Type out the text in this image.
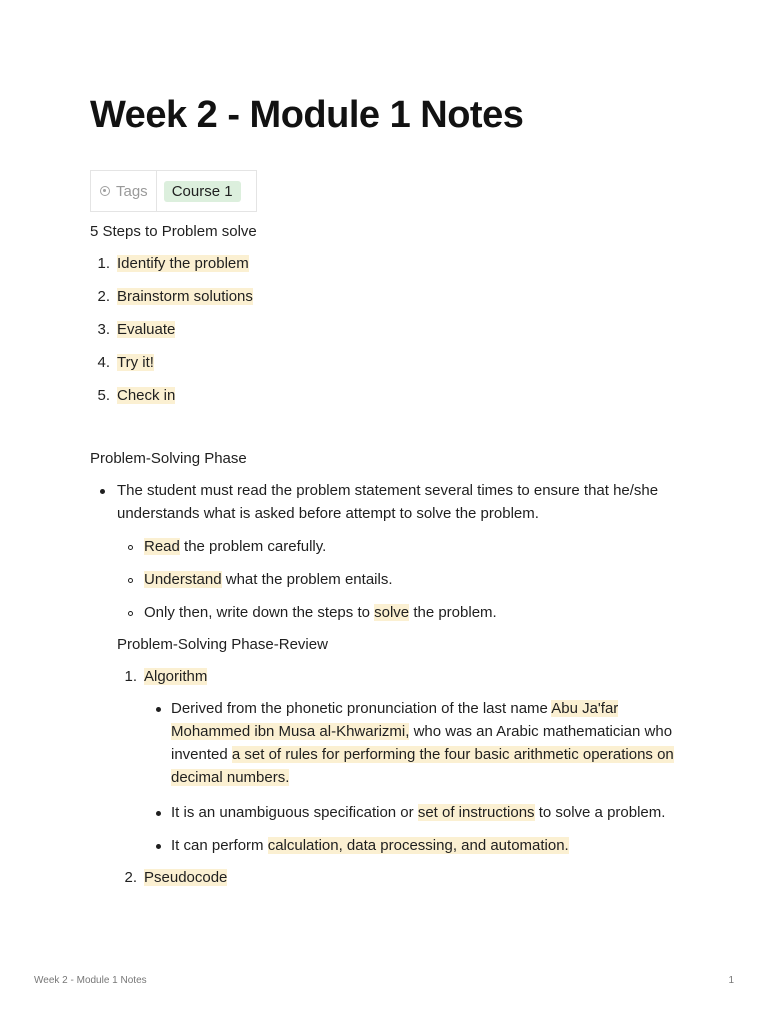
Week 2 - Module 1 Notes
Tags	Course 1
5 Steps to Problem solve
1. Identify the problem
2. Brainstorm solutions
3. Evaluate
4. Try it!
5. Check in
Problem-Solving Phase
The student must read the problem statement several times to ensure that he/she understands what is asked before attempt to solve the problem.
Read the problem carefully.
Understand what the problem entails.
Only then, write down the steps to solve the problem.
Problem-Solving Phase-Review
1. Algorithm
Derived from the phonetic pronunciation of the last name Abu Ja'far Mohammed ibn Musa al-Khwarizmi, who was an Arabic mathematician who invented a set of rules for performing the four basic arithmetic operations on decimal numbers.
It is an unambiguous specification or set of instructions to solve a problem.
It can perform calculation, data processing, and automation.
2. Pseudocode
Week 2 - Module 1 Notes	1
